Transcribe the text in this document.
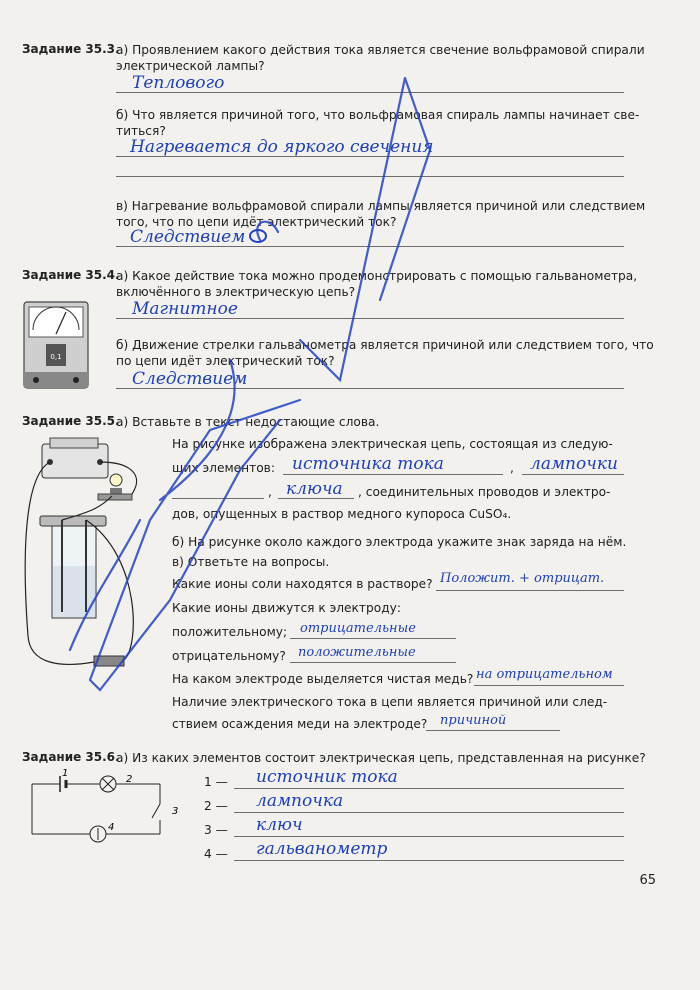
Задание 35.3.
а) Проявлением какого действия тока является свечение вольфрамовой спирали
электрической лампы?
Теплового
б) Что является причиной того, что вольфрамовая спираль лампы начинает све-
титься?
Нагревается до яркого свечения
в) Нагревание вольфрамовой спирали лампы является причиной или следствием
того, что по цепи идёт электрический ток?
Следствием
Задание 35.4.
а) Какое действие тока можно продемонстрировать с помощью гальванометра,
включённого в электрическую цепь?
Магнитное
б) Движение стрелки гальванометра является причиной или следствием того, что
по цепи идёт электрический ток?
Следствием
0,1
Задание 35.5.
а) Вставьте в текст недостающие слова.
На рисунке изображена электрическая цепь, состоящая из следую-
щих элементов: источника тока	, лампочки
, ключа , соединительных проводов и электро-
дов, опущенных в раствор медного купороса CuSO₄.
б) На рисунке около каждого электрода укажите знак заряда на нём.
в) Ответьте на вопросы.
Какие ионы соли находятся в растворе? Положит. + отрицат.
Какие ионы движутся к электроду:
положительному; отрицательные
отрицательному? положительные
На каком электроде выделяется чистая медь? на отрицательном
Наличие электрического тока в цепи является причиной или след-
ствием осаждения меди на электроде? причиной
Задание 35.6.
а) Из каких элементов состоит электрическая цепь, представленная на рисунке?
1
2
3
4
1 — источник тока
2 — лампочка
3 — ключ
4 — гальванометр
65
